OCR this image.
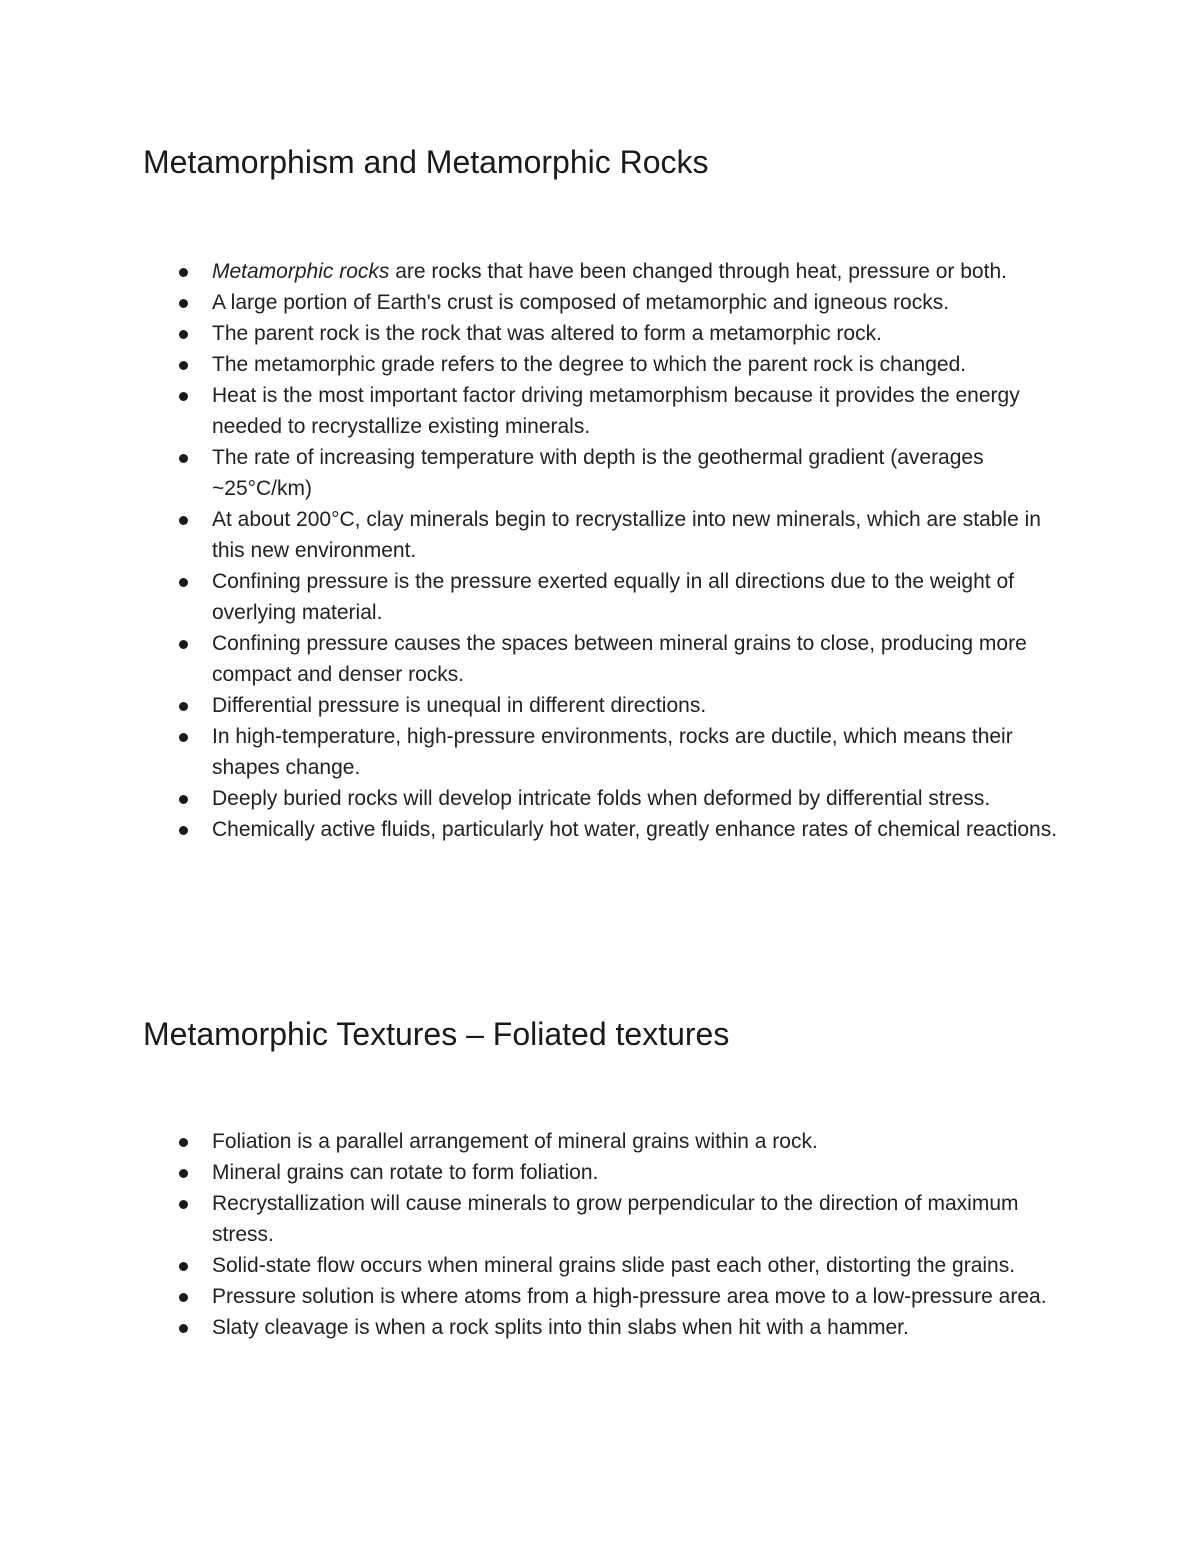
Metamorphism and Metamorphic Rocks
Metamorphic rocks are rocks that have been changed through heat, pressure or both.
A large portion of Earth's crust is composed of metamorphic and igneous rocks.
The parent rock is the rock that was altered to form a metamorphic rock.
The metamorphic grade refers to the degree to which the parent rock is changed.
Heat is the most important factor driving metamorphism because it provides the energy needed to recrystallize existing minerals.
The rate of increasing temperature with depth is the geothermal gradient (averages ~25°C/km)
At about 200°C, clay minerals begin to recrystallize into new minerals, which are stable in this new environment.
Confining pressure is the pressure exerted equally in all directions due to the weight of overlying material.
Confining pressure causes the spaces between mineral grains to close, producing more compact and denser rocks.
Differential pressure is unequal in different directions.
In high-temperature, high-pressure environments, rocks are ductile, which means their shapes change.
Deeply buried rocks will develop intricate folds when deformed by differential stress.
Chemically active fluids, particularly hot water, greatly enhance rates of chemical reactions.
Metamorphic Textures – Foliated textures
Foliation is a parallel arrangement of mineral grains within a rock.
Mineral grains can rotate to form foliation.
Recrystallization will cause minerals to grow perpendicular to the direction of maximum stress.
Solid-state flow occurs when mineral grains slide past each other, distorting the grains.
Pressure solution is where atoms from a high-pressure area move to a low-pressure area.
Slaty cleavage is when a rock splits into thin slabs when hit with a hammer.
